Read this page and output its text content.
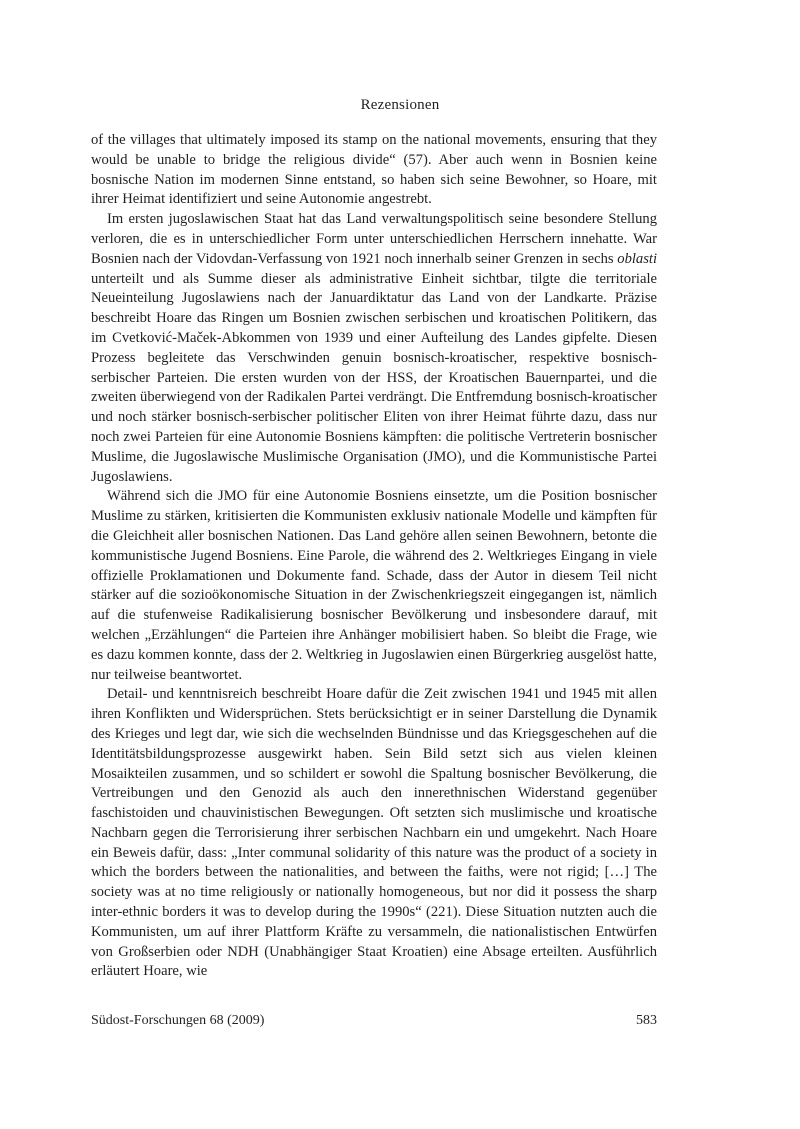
Rezensionen

of the villages that ultimately imposed its stamp on the national movements, ensuring that they would be unable to bridge the religious divide“ (57). Aber auch wenn in Bosnien keine bosnische Nation im modernen Sinne entstand, so haben sich seine Bewohner, so Hoare, mit ihrer Heimat identifiziert und seine Autonomie angestrebt.

Im ersten jugoslawischen Staat hat das Land verwaltungspolitisch seine besondere Stellung verloren, die es in unterschiedlicher Form unter unterschiedlichen Herrschern innehatte. War Bosnien nach der Vidovdan-Verfassung von 1921 noch innerhalb seiner Grenzen in sechs oblasti unterteilt und als Summe dieser als administrative Einheit sichtbar, tilgte die territoriale Neueinteilung Jugoslawiens nach der Januardiktatur das Land von der Landkarte. Präzise beschreibt Hoare das Ringen um Bosnien zwischen serbischen und kroatischen Politikern, das im Cvetković-Maček-Abkommen von 1939 und einer Aufteilung des Landes gipfelte. Diesen Prozess begleitete das Verschwinden genuin bosnisch-kroatischer, respektive bosnisch-serbischer Parteien. Die ersten wurden von der HSS, der Kroatischen Bauernpartei, und die zweiten überwiegend von der Radikalen Partei verdrängt. Die Entfremdung bosnisch-kroatischer und noch stärker bosnisch-serbischer politischer Eliten von ihrer Heimat führte dazu, dass nur noch zwei Parteien für eine Autonomie Bosniens kämpften: die politische Vertreterin bosnischer Muslime, die Jugoslawische Muslimische Organisation (JMO), und die Kommunistische Partei Jugoslawiens.

Während sich die JMO für eine Autonomie Bosniens einsetzte, um die Position bosnischer Muslime zu stärken, kritisierten die Kommunisten exklusiv nationale Modelle und kämpften für die Gleichheit aller bosnischen Nationen. Das Land gehöre allen seinen Bewohnern, betonte die kommunistische Jugend Bosniens. Eine Parole, die während des 2. Weltkrieges Eingang in viele offizielle Proklamationen und Dokumente fand. Schade, dass der Autor in diesem Teil nicht stärker auf die sozioökonomische Situation in der Zwischenkriegszeit eingegangen ist, nämlich auf die stufenweise Radikalisierung bosnischer Bevölkerung und insbesondere darauf, mit welchen „Erzählungen“ die Parteien ihre Anhänger mobilisiert haben. So bleibt die Frage, wie es dazu kommen konnte, dass der 2. Weltkrieg in Jugoslawien einen Bürgerkrieg ausgelöst hatte, nur teilweise beantwortet.

Detail- und kenntnisreich beschreibt Hoare dafür die Zeit zwischen 1941 und 1945 mit allen ihren Konflikten und Widersprüchen. Stets berücksichtigt er in seiner Darstellung die Dynamik des Krieges und legt dar, wie sich die wechselnden Bündnisse und das Kriegsgeschehen auf die Identitätsbildungsprozesse ausgewirkt haben. Sein Bild setzt sich aus vielen kleinen Mosaikteilen zusammen, und so schildert er sowohl die Spaltung bosnischer Bevölkerung, die Vertreibungen und den Genozid als auch den innerethnischen Widerstand gegenüber faschistoiden und chauvinistischen Bewegungen. Oft setzten sich muslimische und kroatische Nachbarn gegen die Terrorisierung ihrer serbischen Nachbarn ein und umgekehrt. Nach Hoare ein Beweis dafür, dass: „Inter communal solidarity of this nature was the product of a society in which the borders between the nationalities, and between the faiths, were not rigid; […] The society was at no time religiously or nationally homogeneous, but nor did it possess the sharp inter-ethnic borders it was to develop during the 1990s“ (221). Diese Situation nutzten auch die Kommunisten, um auf ihrer Plattform Kräfte zu versammeln, die nationalistischen Entwürfen von Großserbien oder NDH (Unabhängiger Staat Kroatien) eine Absage erteilten. Ausführlich erläutert Hoare, wie

Südost-Forschungen 68 (2009)	583
